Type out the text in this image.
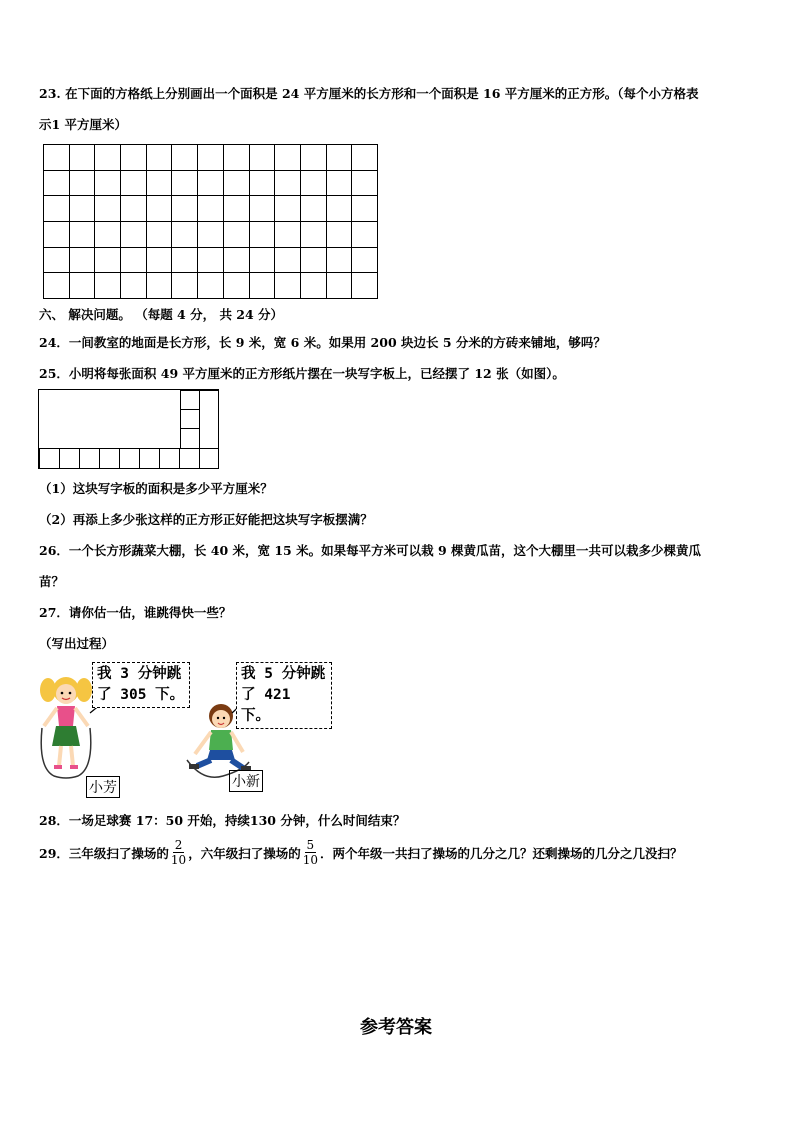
23. 在下面的方格纸上分别画出一个面积是 24 平方厘米的长方形和一个面积是 16 平方厘米的正方形。（每个小方格表
示1 平方厘米）
六、 解决问题。 （每题 4 分， 共 24 分）
24．一间教室的地面是长方形，长 9 米，宽 6 米。如果用 200 块边长 5 分米的方砖来铺地，够吗？
25．小明将每张面积 49 平方厘米的正方形纸片摆在一块写字板上，已经摆了 12 张（如图）。
（1）这块写字板的面积是多少平方厘米？
（2）再添上多少张这样的正方形正好能把这块写字板摆满？
26．一个长方形蔬菜大棚，长 40 米，宽 15 米。如果每平方米可以栽 9 棵黄瓜苗，这个大棚里一共可以栽多少棵黄瓜
苗？
27．请你估一估，谁跳得快一些？
（写出过程）
我 3 分钟跳
了 305 下。
小芳
我 5 分钟跳
了 421 下。
小新
28．一场足球赛 17：50 开始，持续130 分钟，什么时间结束？
29．三年级扫了操场的 $\frac{2}{10}$ ，六年级扫了操场的 $\frac{5}{10}$ ．两个年级一共扫了操场的几分之几？还剩操场的几分之几没扫？
参考答案
